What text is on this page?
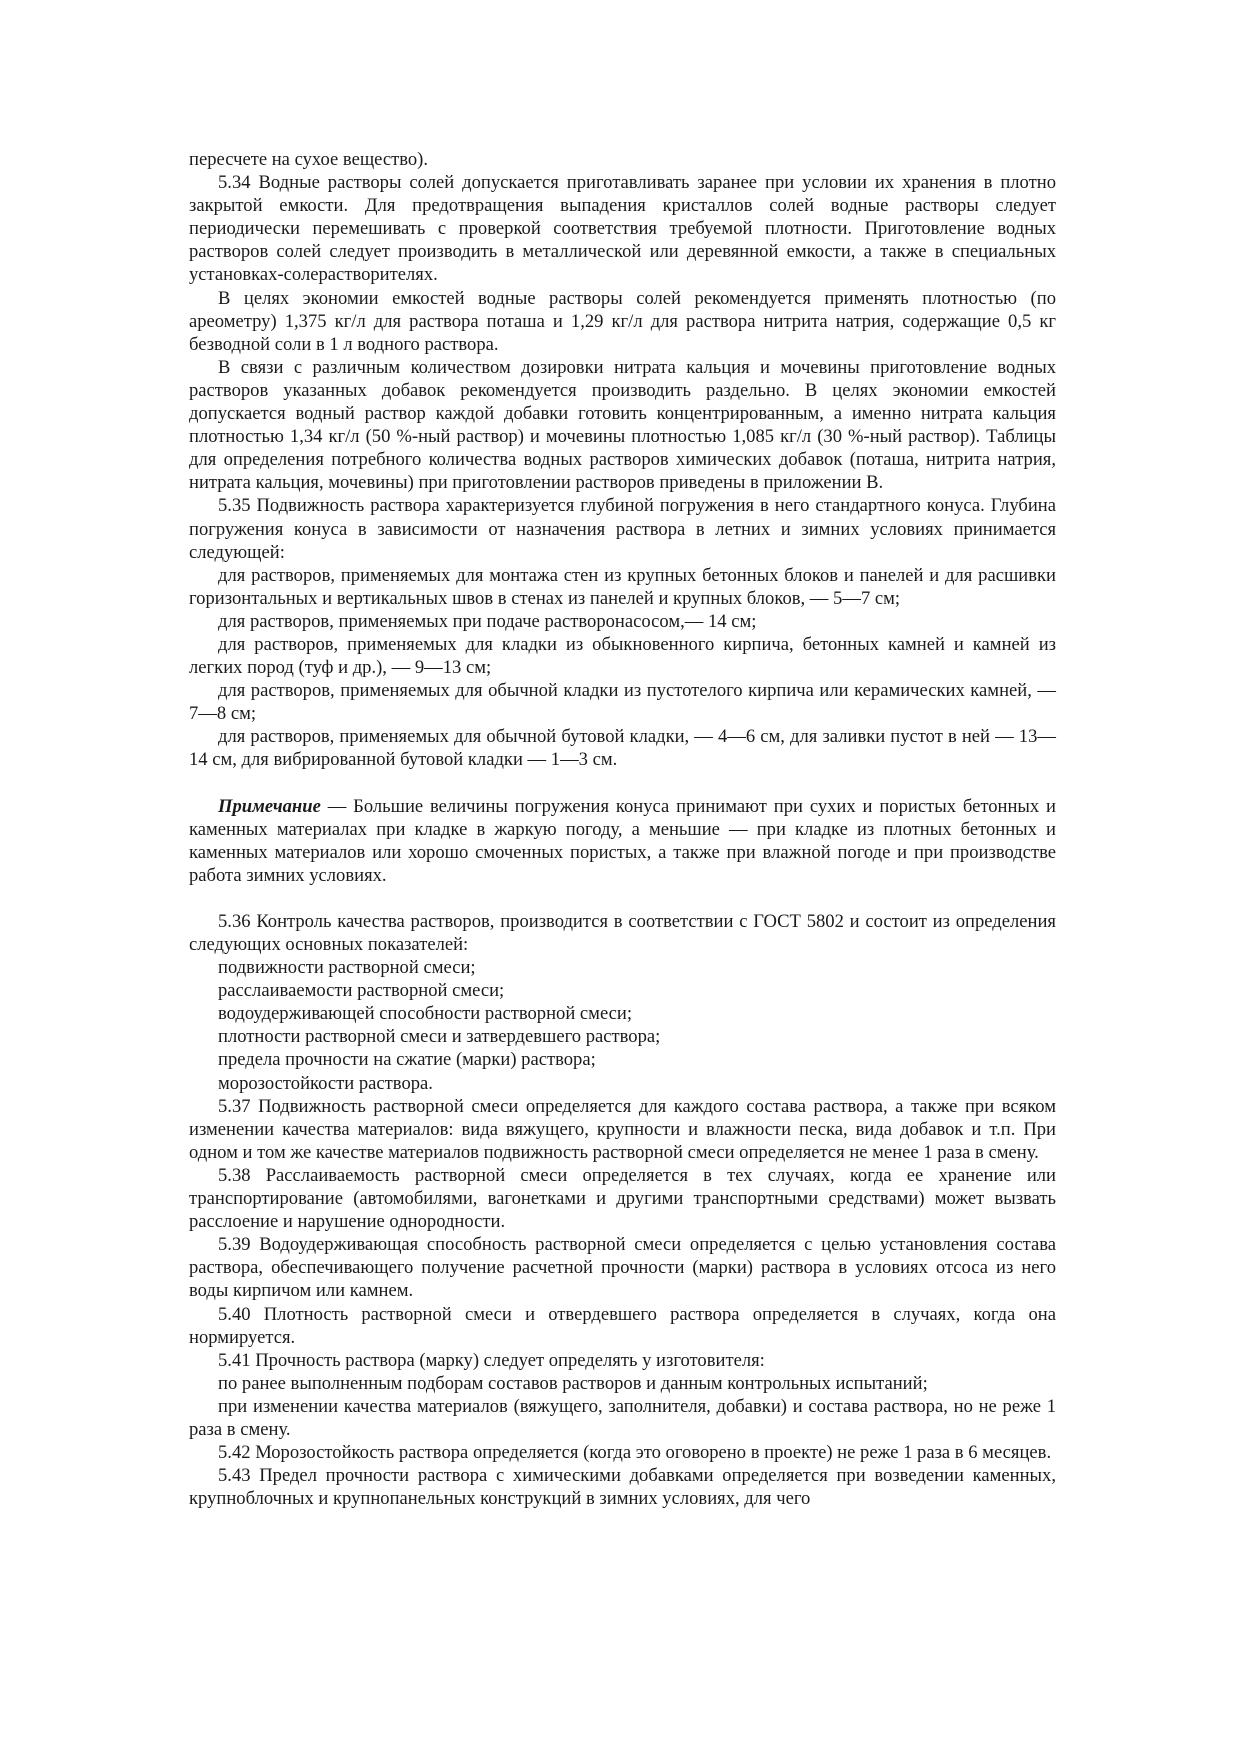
пересчете на сухое вещество).

5.34 Водные растворы солей допускается приготавливать заранее при условии их хранения в плотно закрытой емкости. Для предотвращения выпадения кристаллов солей водные растворы следует периодически перемешивать с проверкой соответствия требуемой плотности. Приготовление водных растворов солей следует производить в металлической или деревянной емкости, а также в специальных установках-солерастворителях.

В целях экономии емкостей водные растворы солей рекомендуется применять плотностью (по ареометру) 1,375 кг/л для раствора поташа и 1,29 кг/л для раствора нитрита натрия, содержащие 0,5 кг безводной соли в 1 л водного раствора.

В связи с различным количеством дозировки нитрата кальция и мочевины приготовление водных растворов указанных добавок рекомендуется производить раздельно. В целях экономии емкостей допускается водный раствор каждой добавки готовить концентрированным, а именно нитрата кальция плотностью 1,34 кг/л (50 %-ный раствор) и мочевины плотностью 1,085 кг/л (30 %-ный раствор). Таблицы для определения потребного количества водных растворов химических добавок (поташа, нитрита натрия, нитрата кальция, мочевины) при приготовлении растворов приведены в приложении В.

5.35 Подвижность раствора характеризуется глубиной погружения в него стандартного конуса. Глубина погружения конуса в зависимости от назначения раствора в летних и зимних условиях принимается следующей:

для растворов, применяемых для монтажа стен из крупных бетонных блоков и панелей и для расшивки горизонтальных и вертикальных швов в стенах из панелей и крупных блоков, — 5—7 см;

для растворов, применяемых при подаче растворонасосом,— 14 см;

для растворов, применяемых для кладки из обыкновенного кирпича, бетонных камней и камней из легких пород (туф и др.), — 9—13 см;

для растворов, применяемых для обычной кладки из пустотелого кирпича или керамических камней, — 7—8 см;

для растворов, применяемых для обычной бутовой кладки, — 4—6 см, для заливки пустот в ней — 13—14 см, для вибрированной бутовой кладки — 1—3 см.

Примечание — Большие величины погружения конуса принимают при сухих и пористых бетонных и каменных материалах при кладке в жаркую погоду, а меньшие — при кладке из плотных бетонных и каменных материалов или хорошо смоченных пористых, а также при влажной погоде и при производстве работа зимних условиях.

5.36 Контроль качества растворов, производится в соответствии с ГОСТ 5802 и состоит из определения следующих основных показателей:

подвижности растворной смеси;

расслаиваемости растворной смеси;

водоудерживающей способности растворной смеси;

плотности растворной смеси и затвердевшего раствора;

предела прочности на сжатие (марки) раствора;

морозостойкости раствора.

5.37 Подвижность растворной смеси определяется для каждого состава раствора, а также при всяком изменении качества материалов: вида вяжущего, крупности и влажности песка, вида добавок и т.п. При одном и том же качестве материалов подвижность растворной смеси определяется не менее 1 раза в смену.

5.38 Расслаиваемость растворной смеси определяется в тех случаях, когда ее хранение или транспортирование (автомобилями, вагонетками и другими транспортными средствами) может вызвать расслоение и нарушение однородности.

5.39 Водоудерживающая способность растворной смеси определяется с целью установления состава раствора, обеспечивающего получение расчетной прочности (марки) раствора в условиях отсоса из него воды кирпичом или камнем.

5.40 Плотность растворной смеси и отвердевшего раствора определяется в случаях, когда она нормируется.

5.41 Прочность раствора (марку) следует определять у изготовителя:

по ранее выполненным подборам составов растворов и данным контрольных испытаний;

при изменении качества материалов (вяжущего, заполнителя, добавки) и состава раствора, но не реже 1 раза в смену.

5.42 Морозостойкость раствора определяется (когда это оговорено в проекте) не реже 1 раза в 6 месяцев.

5.43 Предел прочности раствора с химическими добавками определяется при возведении каменных, крупноблочных и крупнопанельных конструкций в зимних условиях, для чего
